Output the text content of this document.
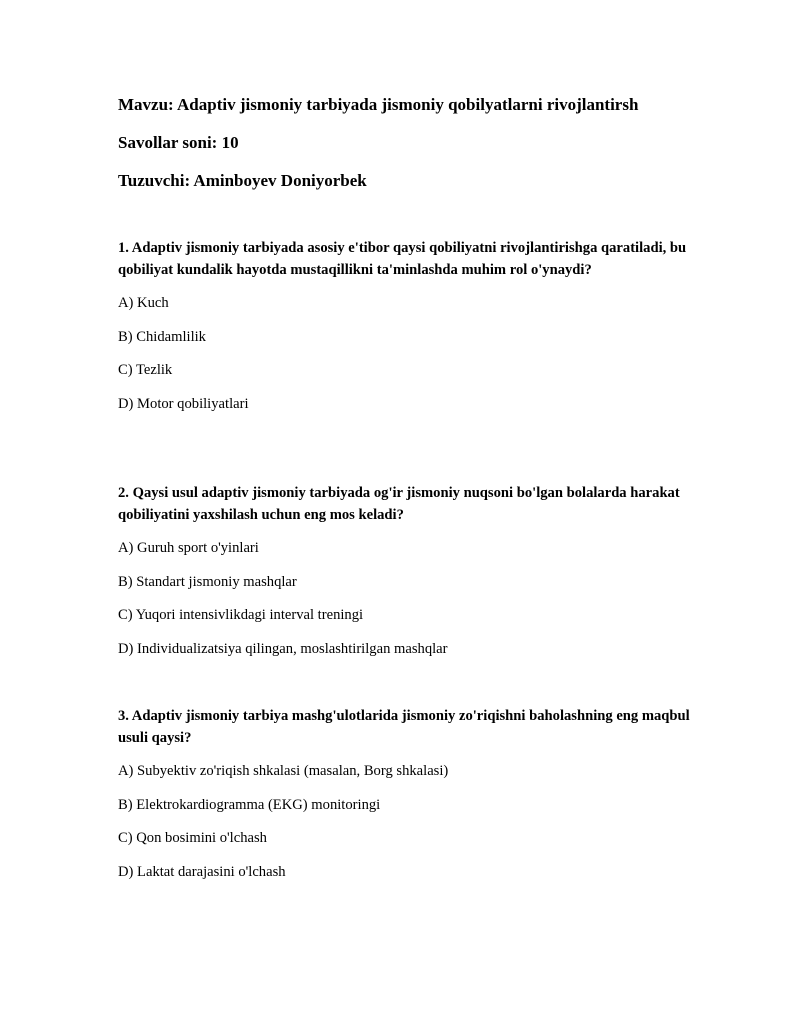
Mavzu: Adaptiv jismoniy tarbiyada jismoniy qobilyatlarni rivojlantirsh
Savollar soni: 10
Tuzuvchi: Aminboyev Doniyorbek

1. Adaptiv jismoniy tarbiyada asosiy e'tibor qaysi qobiliyatni rivojlantirishga qaratiladi, bu qobiliyat kundalik hayotda mustaqillikni ta'minlashda muhim rol o'ynaydi?

A) Kuch
B) Chidamlilik
C) Tezlik
D) Motor qobiliyatlari

2. Qaysi usul adaptiv jismoniy tarbiyada og'ir jismoniy nuqsoni bo'lgan bolalarda harakat qobiliyatini yaxshilash uchun eng mos keladi?

A) Guruh sport o'yinlari
B) Standart jismoniy mashqlar
C) Yuqori intensivlikdagi interval treningi
D) Individualizatsiya qilingan, moslashtirilgan mashqlar

3. Adaptiv jismoniy tarbiya mashg'ulotlarida jismoniy zo'riqishni baholashning eng maqbul usuli qaysi?

A) Subyektiv zo'riqish shkalasi (masalan, Borg shkalasi)
B) Elektrokardiogramma (EKG) monitoringi
C) Qon bosimini o'lchash
D) Laktat darajasini o'lchash
